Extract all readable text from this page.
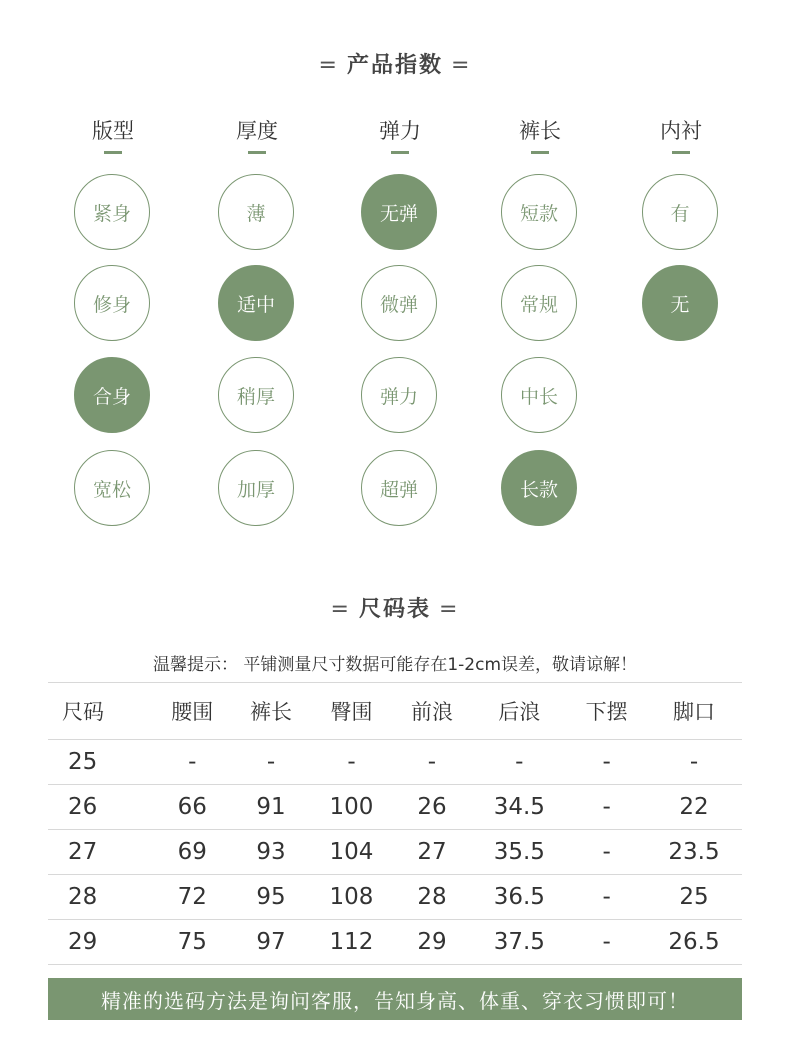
= 产品指数 =
版型	厚度	弹力	裤长	内衬
紧身
修身
合身
宽松
薄
适中
稍厚
加厚
无弹
微弹
弹力
超弹
短款
常规
中长
长款
有
无
= 尺码表 =
温馨提示： 平铺测量尺寸数据可能存在1-2cm误差，敬请谅解！
尺码	腰围	裤长	臀围	前浪	后浪	下摆	脚口
25	-	-	-	-	-	-	-
26	66	91	100	26	34.5	-	22
27	69	93	104	27	35.5	-	23.5
28	72	95	108	28	36.5	-	25
29	75	97	112	29	37.5	-	26.5
精准的选码方法是询问客服，告知身高、体重、穿衣习惯即可！
